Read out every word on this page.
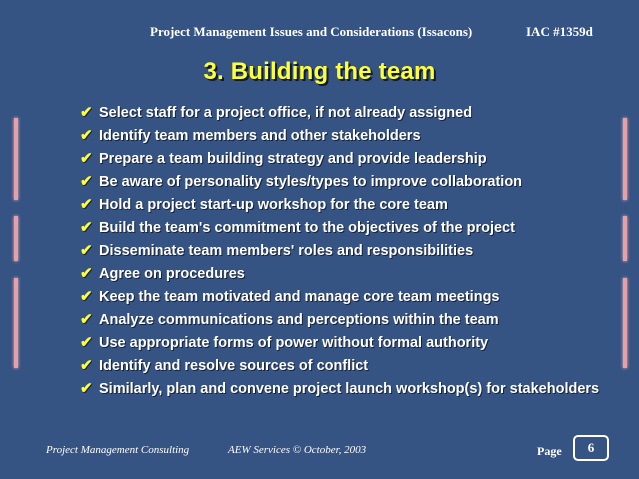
Project Management Issues and Considerations (Issacons)	IAC #1359d
3. Building the team
✔ Select staff for a project office, if not already assigned
✔ Identify team members and other stakeholders
✔ Prepare a team building strategy and provide leadership
✔ Be aware of personality styles/types to improve collaboration
✔ Hold a project start-up workshop for the core team
✔ Build the team's commitment to the objectives of the project
✔ Disseminate team members' roles and responsibilities
✔ Agree on procedures
✔ Keep the team motivated and manage core team meetings
✔ Analyze communications and perceptions within the team
✔ Use appropriate forms of power without formal authority
✔ Identify and resolve sources of conflict
✔ Similarly, plan and convene project launch workshop(s) for stakeholders
Project Management Consulting	AEW Services © October, 2003	Page	6
